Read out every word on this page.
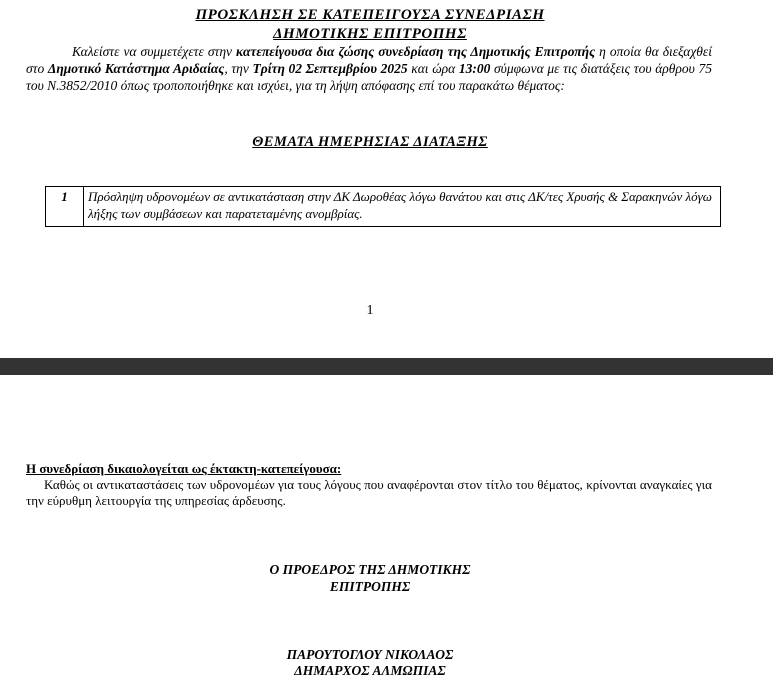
ΠΡΟΣΚΛΗΣΗ ΣΕ ΚΑΤΕΠΕΙΓΟΥΣΑ ΣΥΝΕΔΡΙΑΣΗ
ΔΗΜΟΤΙΚΗΣ ΕΠΙΤΡΟΠΗΣ
Καλείστε να συμμετέχετε στην κατεπείγουσα δια ζώσης συνεδρίαση της Δημοτικής Επιτροπής η οποία θα διεξαχθεί στο Δημοτικό Κατάστημα Αριδαίας, την Τρίτη 02 Σεπτεμβρίου 2025 και ώρα 13:00 σύμφωνα με τις διατάξεις του άρθρου 75 του Ν.3852/2010 όπως τροποποιήθηκε και ισχύει, για τη λήψη απόφασης επί του παρακάτω θέματος:
ΘΕΜΑΤΑ ΗΜΕΡΗΣΙΑΣ ΔΙΑΤΑΞΗΣ
1	Πρόσληψη υδρονομέων σε αντικατάσταση στην ΔΚ Δωροθέας λόγω θανάτου και στις ΔΚ/τες Χρυσής & Σαρακηνών λόγω λήξης των συμβάσεων και παρατεταμένης ανομβρίας.
1
Η συνεδρίαση δικαιολογείται ως έκτακτη-κατεπείγουσα:
Καθώς οι αντικαταστάσεις των υδρονομέων για τους λόγους που αναφέρονται στον τίτλο του θέματος, κρίνονται αναγκαίες για την εύρυθμη λειτουργία της υπηρεσίας άρδευσης.
Ο ΠΡΟΕΔΡΟΣ ΤΗΣ ΔΗΜΟΤΙΚΗΣ
ΕΠΙΤΡΟΠΗΣ
ΠΑΡΟΥΤΟΓΛΟΥ ΝΙΚΟΛΑΟΣ
ΔΗΜΑΡΧΟΣ ΑΛΜΩΠΙΑΣ
